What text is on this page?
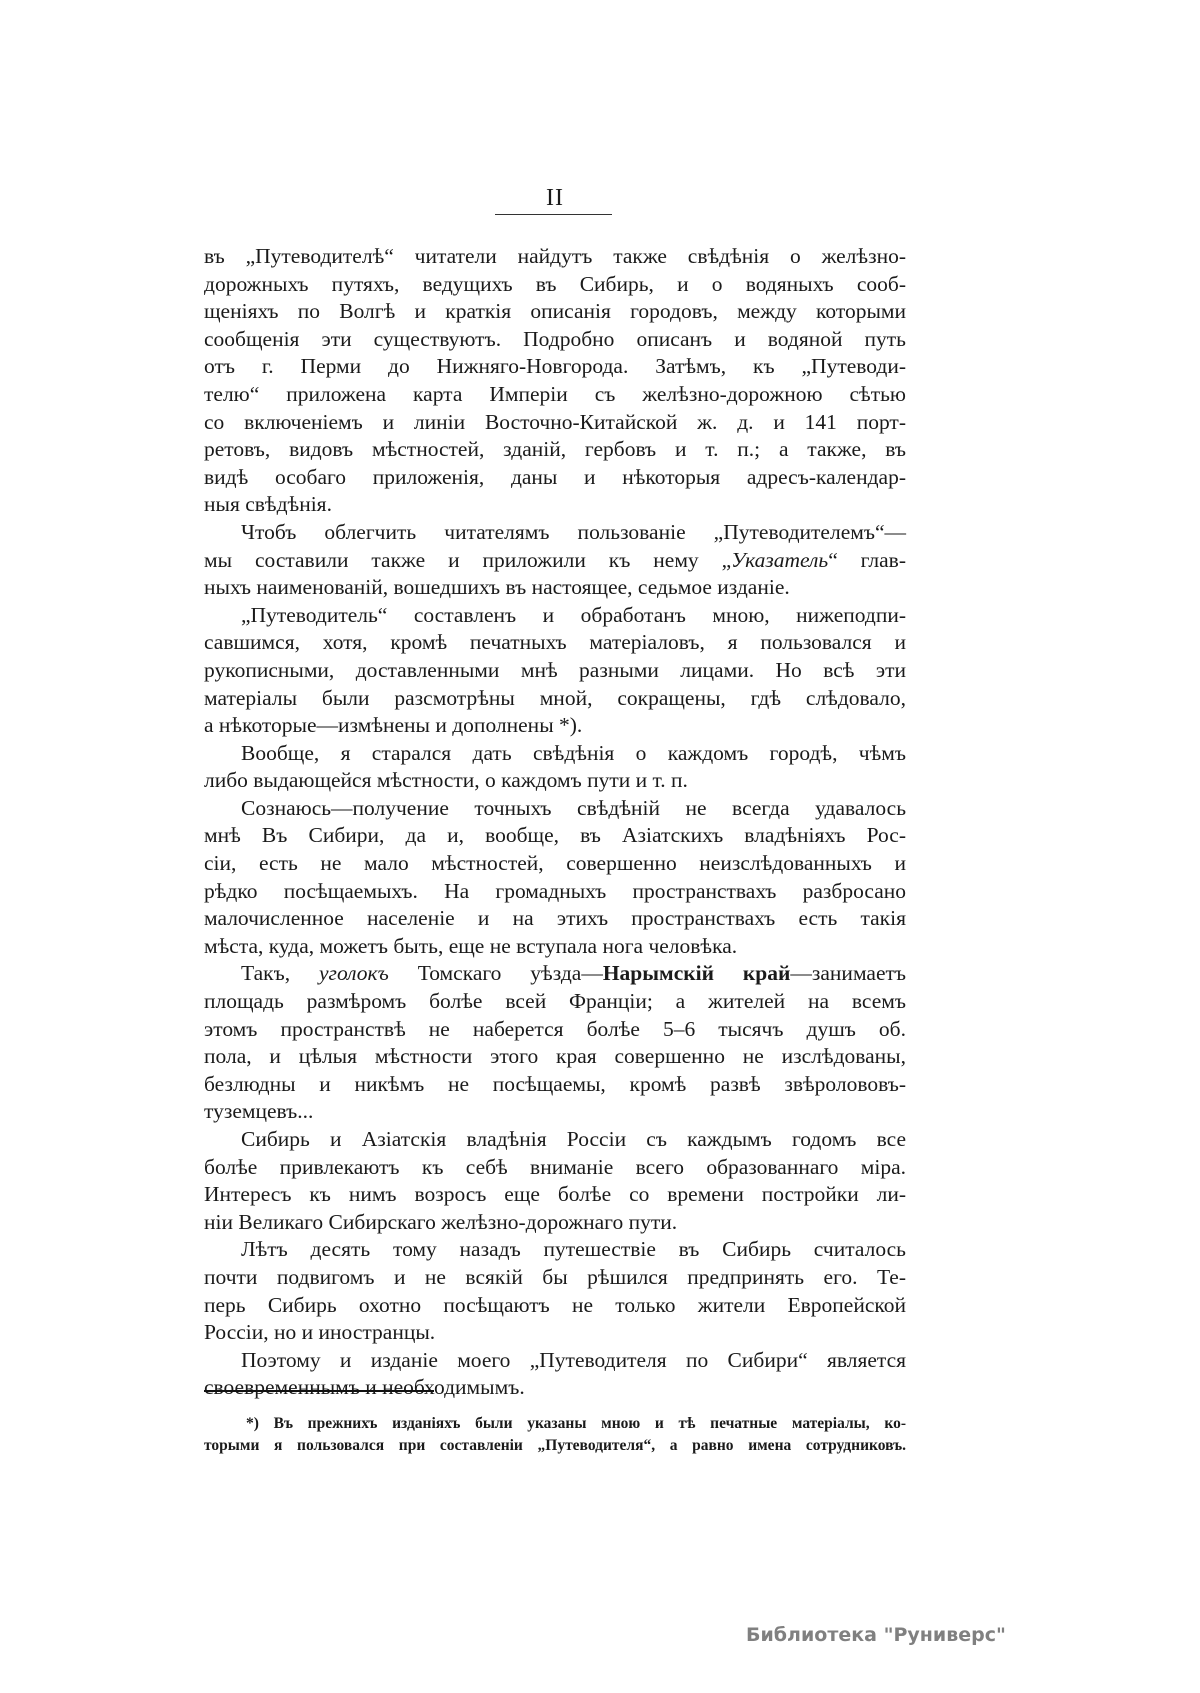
II
въ „Путеводителѣ“ читатели найдутъ также свѣдѣнія о желѣзно-
дорожныхъ путяхъ, ведущихъ въ Сибирь, и о водяныхъ сооб-
щеніяхъ по Волгѣ и краткія описанія городовъ, между которыми
сообщенія эти существуютъ. Подробно описанъ и водяной путь
отъ г. Перми до Нижняго-Новгорода. Затѣмъ, къ „Путеводи-
телю“ приложена карта Имперіи съ желѣзно-дорожною сѣтью
со включеніемъ и линіи Восточно-Китайской ж. д. и 141 порт-
ретовъ, видовъ мѣстностей, зданій, гербовъ и т. п.; а также, въ
видѣ особаго приложенія, даны и нѣкоторыя адресъ-календар-
ныя свѣдѣнія.
Чтобъ облегчить читателямъ пользованіе „Путеводителемъ“—
мы составили также и приложили къ нему „Указатель“ глав-
ныхъ наименованій, вошедшихъ въ настоящее, седьмое изданіе.
„Путеводитель“ составленъ и обработанъ мною, нижеподпи-
савшимся, хотя, кромѣ печатныхъ матеріаловъ, я пользовался и
рукописными, доставленными мнѣ разными лицами. Но всѣ эти
матеріалы были разсмотрѣны мной, сокращены, гдѣ слѣдовало,
а нѣкоторые—измѣнены и дополнены *).
Вообще, я старался дать свѣдѣнія о каждомъ городѣ, чѣмъ
либо выдающейся мѣстности, о каждомъ пути и т. п.
Сознаюсь—получение точныхъ свѣдѣній не всегда удавалось
мнѣ Въ Сибири, да и, вообще, въ Азіатскихъ владѣніяхъ Рос-
сіи, есть не мало мѣстностей, совершенно неизслѣдованныхъ и
рѣдко посѣщаемыхъ. На громадныхъ пространствахъ разбросано
малочисленное населеніе и на этихъ пространствахъ есть такія
мѣста, куда, можетъ быть, еще не вступала нога человѣка.
Такъ, уголокъ Томскаго уѣзда—Нарымскій край—занимаетъ
площадь размѣромъ болѣе всей Франціи; а жителей на всемъ
этомъ пространствѣ не наберется болѣе 5–6 тысячъ душъ об.
пола, и цѣлыя мѣстности этого края совершенно не изслѣдованы,
безлюдны и никѣмъ не посѣщаемы, кромѣ развѣ звѣролововъ-
туземцевъ...
Сибирь и Азіатскія владѣнія Россіи съ каждымъ годомъ все
болѣе привлекаютъ къ себѣ вниманіе всего образованнаго міра.
Интересъ къ нимъ возросъ еще болѣе со времени постройки ли-
ніи Великаго Сибирскаго желѣзно-дорожнаго пути.
Лѣтъ десять тому назадъ путешествіе въ Сибирь считалось
почти подвигомъ и не всякій бы рѣшился предпринять его. Те-
перь Сибирь охотно посѣщаютъ не только жители Европейской
Россіи, но и иностранцы.
Поэтому и изданіе моего „Путеводителя по Сибири“ является
своевременнымъ и необходимымъ.
*) Въ прежнихъ изданіяхъ были указаны мною и тѣ печатные матеріалы, ко-
торыми я пользовался при составленіи „Путеводителя“, а равно имена сотрудниковъ.
Библиотека "Руниверс"
